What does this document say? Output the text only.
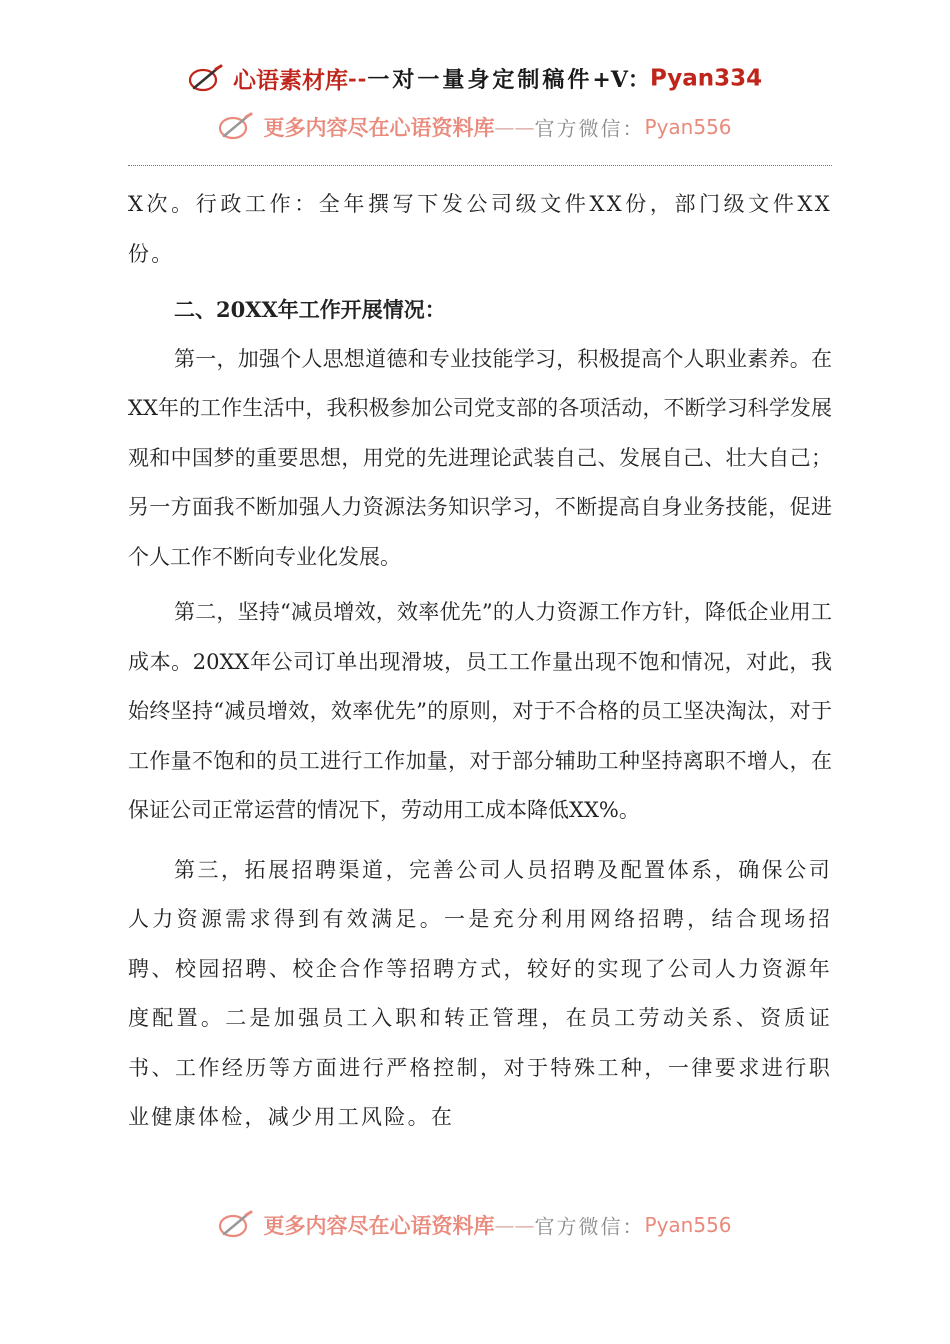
心语素材库--一对一量身定制稿件+V：Pyan334
更多内容尽在心语资料库——官方微信：Pyan556

X次。行政工作：全年撰写下发公司级文件XX份，部门级文件XX份。

二、20XX年工作开展情况：

第一，加强个人思想道德和专业技能学习，积极提高个人职业素养。在XX年的工作生活中，我积极参加公司党支部的各项活动，不断学习科学发展观和中国梦的重要思想，用党的先进理论武装自己、发展自己、壮大自己；另一方面我不断加强人力资源法务知识学习，不断提高自身业务技能，促进个人工作不断向专业化发展。

第二，坚持“减员增效，效率优先”的人力资源工作方针，降低企业用工成本。20XX年公司订单出现滑坡，员工工作量出现不饱和情况，对此，我始终坚持“减员增效，效率优先”的原则，对于不合格的员工坚决淘汰，对于工作量不饱和的员工进行工作加量，对于部分辅助工种坚持离职不增人，在保证公司正常运营的情况下，劳动用工成本降低XX%。

第三，拓展招聘渠道，完善公司人员招聘及配置体系，确保公司人力资源需求得到有效满足。一是充分利用网络招聘，结合现场招聘、校园招聘、校企合作等招聘方式，较好的实现了公司人力资源年度配置。二是加强员工入职和转正管理，在员工劳动关系、资质证书、工作经历等方面进行严格控制，对于特殊工种，一律要求进行职业健康体检，减少用工风险。在

更多内容尽在心语资料库——官方微信：Pyan556
